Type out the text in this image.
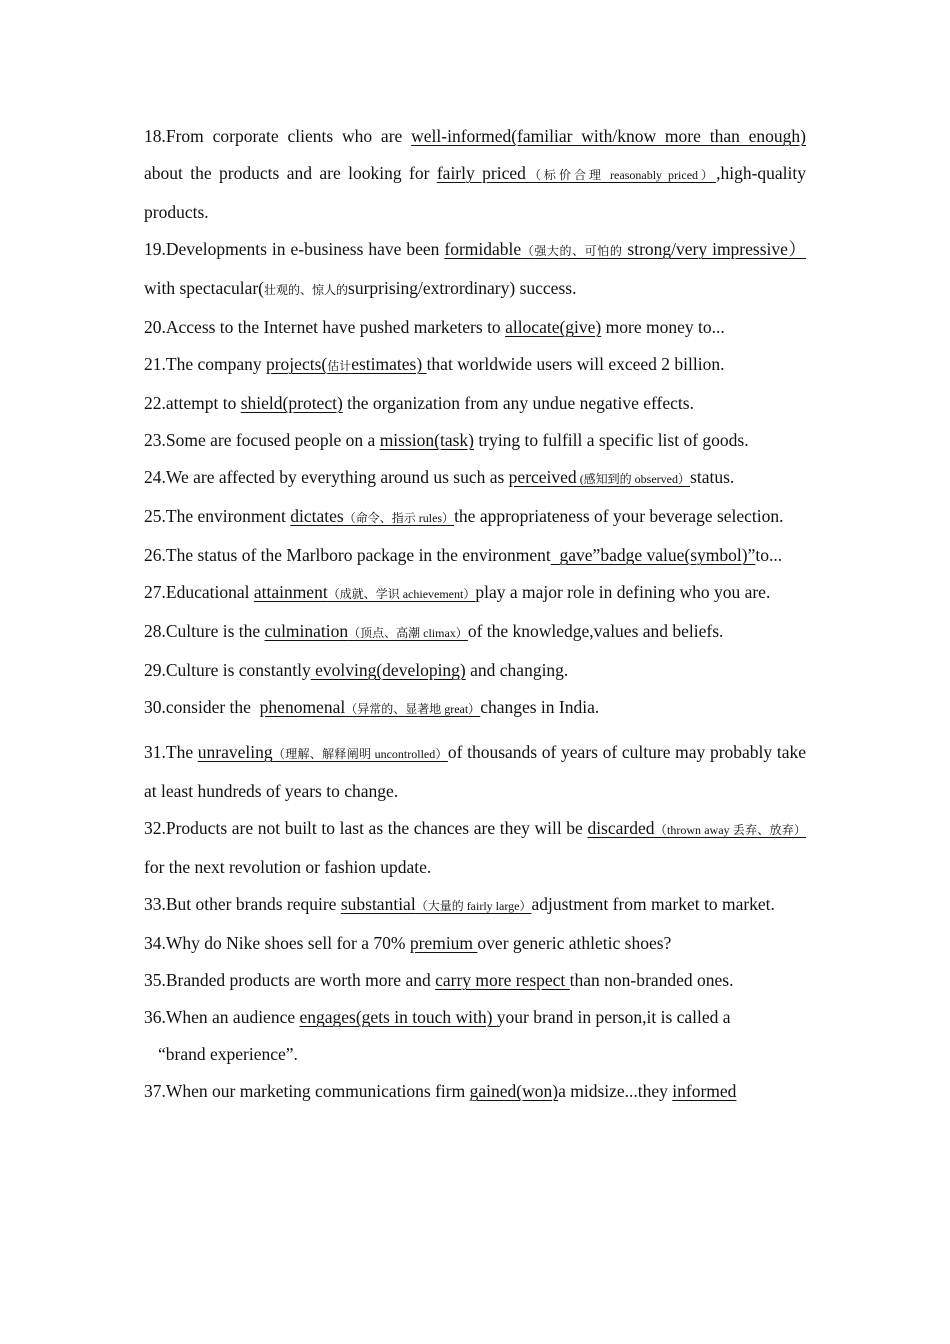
18.From corporate clients who are well-informed(familiar with/know more than enough) about the products and are looking for fairly priced（标价合理 reasonably priced）,high-quality products.

19.Developments in e-business have been formidable（强大的、可怕的 strong/very impressive） with spectacular(壮观的、惊人的surprising/extrordinary) success.

20.Access to the Internet have pushed marketers to allocate(give) more money to...

21.The company projects(估计estimates) that worldwide users will exceed 2 billion.

22.attempt to shield(protect) the organization from any undue negative effects.

23.Some are focused people on a mission(task) trying to fulfill a specific list of goods.

24.We are affected by everything around us such as perceived (感知到的 observed）status.

25.The environment dictates（命令、指示 rules）the appropriateness of your beverage selection.

26.The status of the Marlboro package in the environment  gave”badge value(symbol)”to...

27.Educational attainment（成就、学识 achievement）play a major role in defining who you are.

28.Culture is the culmination（顶点、高潮 climax）of the knowledge,values and beliefs.

29.Culture is constantly evolving(developing) and changing.

30.consider the  phenomenal（异常的、显著地 great）changes in India.

31.The unraveling（理解、解释阐明 uncontrolled）of thousands of years of culture may probably take at least hundreds of years to change.

32.Products are not built to last as the chances are they will be discarded（thrown away 丢弃、放弃）    for the next revolution or fashion update.

33.But other brands require substantial（大量的 fairly large）adjustment from market to market.

34.Why do Nike shoes sell for a 70% premium over generic athletic shoes?

35.Branded products are worth more and carry more respect than non-branded ones.

36.When an audience engages(gets in touch with) your brand in person,it is called a
“brand experience”.

37.When our marketing communications firm gained(won)a midsize...they informed
